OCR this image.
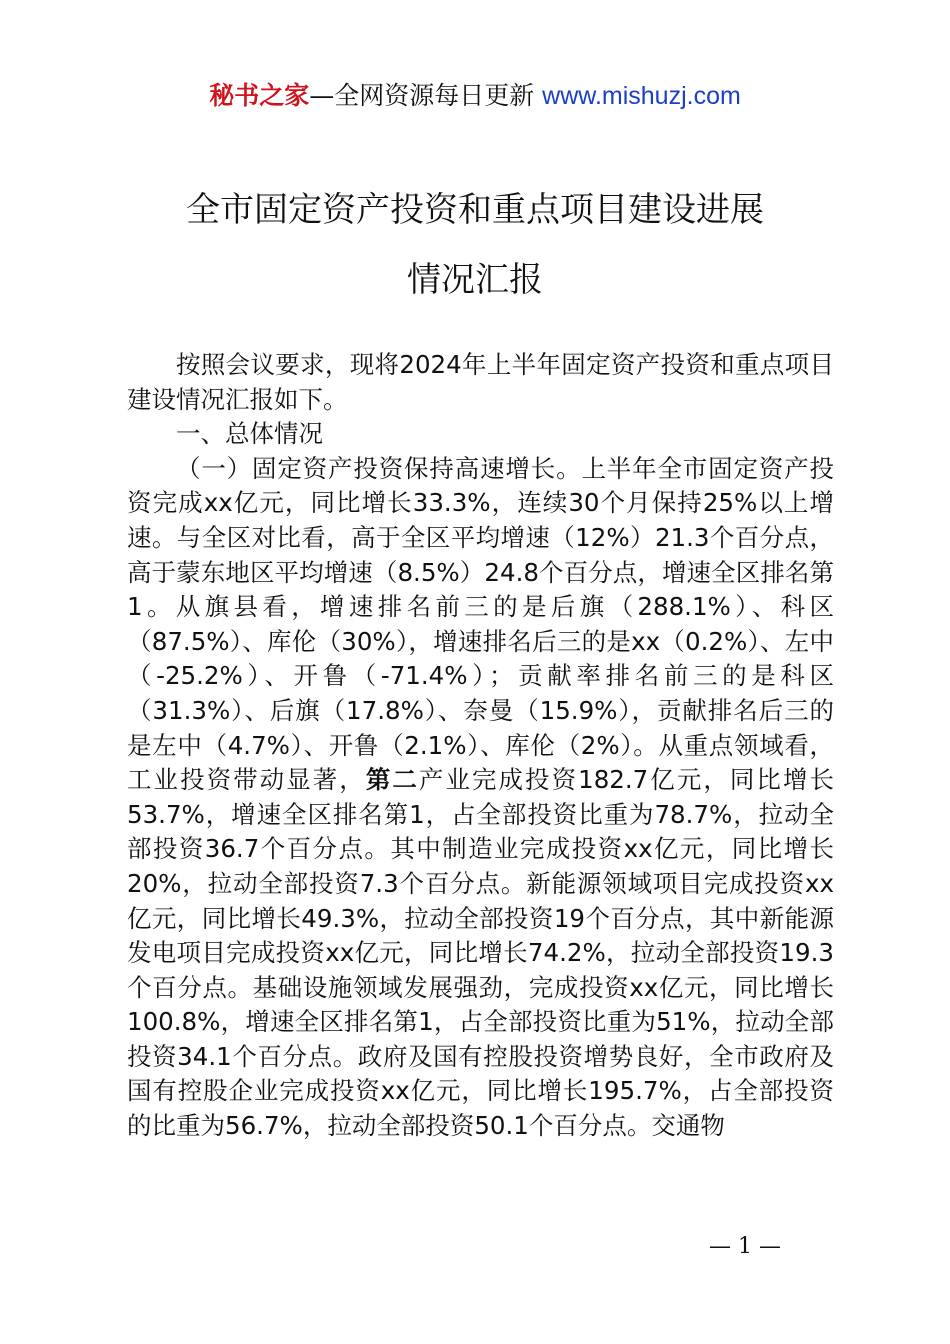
秘书之家—全网资源每日更新 www.mishuzj.com
全市固定资产投资和重点项目建设进展
情况汇报

按照会议要求，现将2024年上半年固定资产投资和重点项目建设情况汇报如下。

一、总体情况

（一）固定资产投资保持高速增长。上半年全市固定资产投资完成xx亿元，同比增长33.3%，连续30个月保持25%以上增速。与全区对比看，高于全区平均增速（12%）21.3个百分点，高于蒙东地区平均增速（8.5%）24.8个百分点，增速全区排名第1。从旗县看，增速排名前三的是后旗（288.1%）、科区（87.5%）、库伦（30%），增速排名后三的是xx（0.2%）、左中（-25.2%）、开鲁（-71.4%）；贡献率排名前三的是科区（31.3%）、后旗（17.8%）、奈曼（15.9%），贡献排名后三的是左中（4.7%）、开鲁（2.1%）、库伦（2%）。从重点领域看，工业投资带动显著，第二产业完成投资182.7亿元，同比增长53.7%，增速全区排名第1，占全部投资比重为78.7%，拉动全部投资36.7个百分点。其中制造业完成投资xx亿元，同比增长20%，拉动全部投资7.3个百分点。新能源领域项目完成投资xx亿元，同比增长49.3%，拉动全部投资19个百分点，其中新能源发电项目完成投资xx亿元，同比增长74.2%，拉动全部投资19.3个百分点。基础设施领域发展强劲，完成投资xx亿元，同比增长100.8%，增速全区排名第1，占全部投资比重为51%，拉动全部投资34.1个百分点。政府及国有控股投资增势良好，全市政府及国有控股企业完成投资xx亿元，同比增长195.7%，占全部投资的比重为56.7%，拉动全部投资50.1个百分点。交通物

— 1 —
